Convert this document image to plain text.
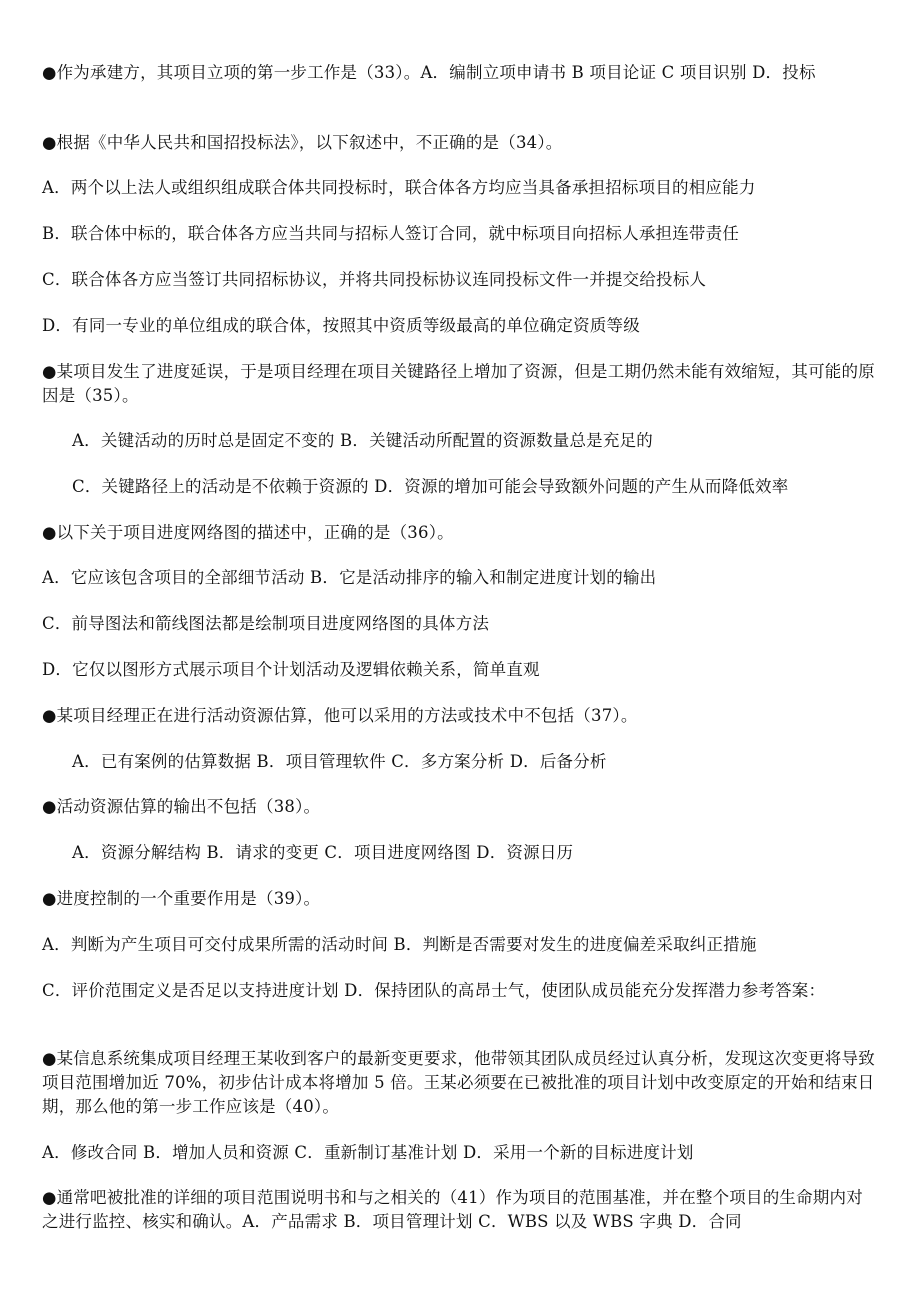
●作为承建方，其项目立项的第一步工作是（33）。A．编制立项申请书 B 项目论证 C 项目识别 D．投标
●根据《中华人民共和国招投标法》，以下叙述中，不正确的是（34）。
A．两个以上法人或组织组成联合体共同投标时，联合体各方均应当具备承担招标项目的相应能力
B．联合体中标的，联合体各方应当共同与招标人签订合同，就中标项目向招标人承担连带责任
C．联合体各方应当签订共同招标协议，并将共同投标协议连同投标文件一并提交给投标人
D．有同一专业的单位组成的联合体，按照其中资质等级最高的单位确定资质等级
●某项目发生了进度延误，于是项目经理在项目关键路径上增加了资源，但是工期仍然未能有效缩短，其可能的原因是（35）。
A．关键活动的历时总是固定不变的 B．关键活动所配置的资源数量总是充足的
C．关键路径上的活动是不依赖于资源的 D．资源的增加可能会导致额外问题的产生从而降低效率
●以下关于项目进度网络图的描述中，正确的是（36）。
A．它应该包含项目的全部细节活动 B．它是活动排序的输入和制定进度计划的输出
C．前导图法和箭线图法都是绘制项目进度网络图的具体方法
D．它仅以图形方式展示项目个计划活动及逻辑依赖关系，简单直观
●某项目经理正在进行活动资源估算，他可以采用的方法或技术中不包括（37）。
A．已有案例的估算数据 B．项目管理软件 C．多方案分析 D．后备分析
●活动资源估算的输出不包括（38）。
A．资源分解结构 B．请求的变更 C．项目进度网络图 D．资源日历
●进度控制的一个重要作用是（39）。
A．判断为产生项目可交付成果所需的活动时间 B．判断是否需要对发生的进度偏差采取纠正措施
C．评价范围定义是否足以支持进度计划 D．保持团队的高昂士气，使团队成员能充分发挥潜力参考答案：
●某信息系统集成项目经理王某收到客户的最新变更要求，他带领其团队成员经过认真分析，发现这次变更将导致项目范围增加近 70%，初步估计成本将增加 5 倍。王某必须要在已被批准的项目计划中改变原定的开始和结束日期，那么他的第一步工作应该是（40）。
A．修改合同 B．增加人员和资源 C．重新制订基准计划 D．采用一个新的目标进度计划
●通常吧被批准的详细的项目范围说明书和与之相关的（41）作为项目的范围基准，并在整个项目的生命期内对之进行监控、核实和确认。A．产品需求 B．项目管理计划 C．WBS 以及 WBS 字典 D．合同
